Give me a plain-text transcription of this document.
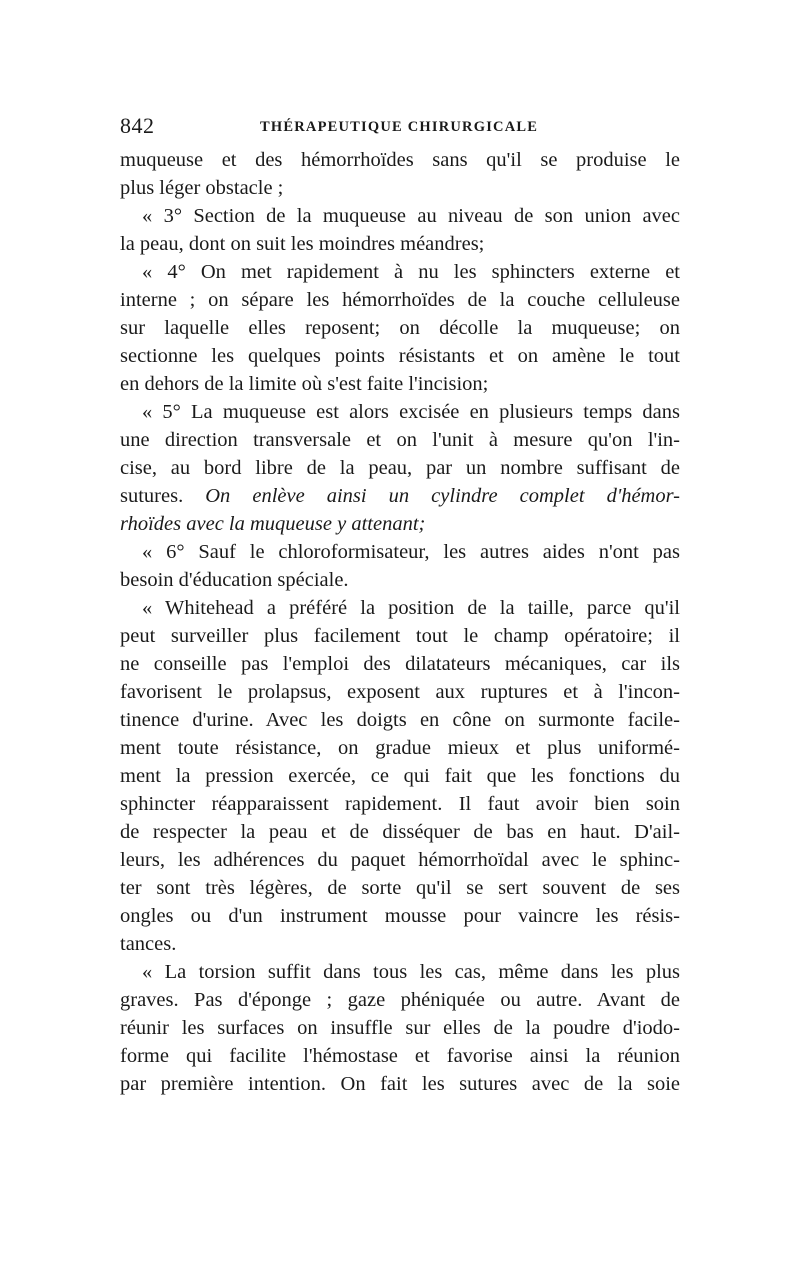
842	THÉRAPEUTIQUE CHIRURGICALE
muqueuse et des hémorrhoïdes sans qu'il se produise le
plus léger obstacle ;
« 3° Section de la muqueuse au niveau de son union avec
la peau, dont on suit les moindres méandres;
« 4° On met rapidement à nu les sphincters externe et
interne ; on sépare les hémorrhoïdes de la couche celluleuse
sur laquelle elles reposent; on décolle la muqueuse; on
sectionne les quelques points résistants et on amène le tout
en dehors de la limite où s'est faite l'incision;
« 5° La muqueuse est alors excisée en plusieurs temps dans
une direction transversale et on l'unit à mesure qu'on l'in-
cise, au bord libre de la peau, par un nombre suffisant de
sutures. On enlève ainsi un cylindre complet d'hémor-
rhoïdes avec la muqueuse y attenant;
« 6° Sauf le chloroformisateur, les autres aides n'ont pas
besoin d'éducation spéciale.
« Whitehead a préféré la position de la taille, parce qu'il
peut surveiller plus facilement tout le champ opératoire; il
ne conseille pas l'emploi des dilatateurs mécaniques, car ils
favorisent le prolapsus, exposent aux ruptures et à l'incon-
tinence d'urine. Avec les doigts en cône on surmonte facile-
ment toute résistance, on gradue mieux et plus uniformé-
ment la pression exercée, ce qui fait que les fonctions du
sphincter réapparaissent rapidement. Il faut avoir bien soin
de respecter la peau et de disséquer de bas en haut. D'ail-
leurs, les adhérences du paquet hémorrhoïdal avec le sphinc-
ter sont très légères, de sorte qu'il se sert souvent de ses
ongles ou d'un instrument mousse pour vaincre les résis-
tances.
« La torsion suffit dans tous les cas, même dans les plus
graves. Pas d'éponge ; gaze phéniquée ou autre. Avant de
réunir les surfaces on insuffle sur elles de la poudre d'iodo-
forme qui facilite l'hémostase et favorise ainsi la réunion
par première intention. On fait les sutures avec de la soie
